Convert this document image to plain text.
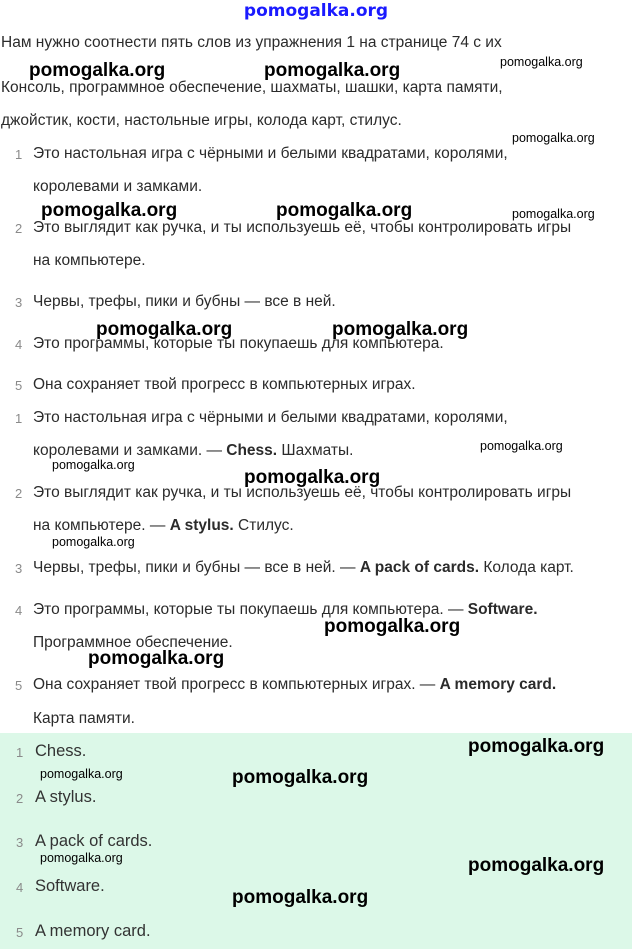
pomogalka.org
Нам нужно соотнести пять слов из упражнения 1 на странице 74 с их
Консоль, программное обеспечение, шахматы, шашки, карта памяти,
джойстик, кости, настольные игры, колода карт, стилус.
1 Это настольная игра с чёрными и белыми квадратами, королями,
королевами и замками.
2 Это выглядит как ручка, и ты используешь её, чтобы контролировать игры
на компьютере.
3 Червы, трефы, пики и бубны — все в ней.
4 Это программы, которые ты покупаешь для компьютера.
5 Она сохраняет твой прогресс в компьютерных играх.
1 Это настольная игра с чёрными и белыми квадратами, королями,
королевами и замками. — Chess. Шахматы.
2 Это выглядит как ручка, и ты используешь её, чтобы контролировать игры
на компьютере. — A stylus. Стилус.
3 Червы, трефы, пики и бубны — все в ней. — A pack of cards. Колода карт.
4 Это программы, которые ты покупаешь для компьютера. — Software.
Программное обеспечение.
5 Она сохраняет твой прогресс в компьютерных играх. — A memory card.
Карта памяти.
1 Chess.
2 A stylus.
3 A pack of cards.
4 Software.
5 A memory card.
pomogalka.org	pomogalka.org	pomogalka.org
pomogalka.org
pomogalka.org	pomogalka.org	pomogalka.org
pomogalka.org	pomogalka.org
pomogalka.org
pomogalka.org
pomogalka.org
pomogalka.org
pomogalka.org
pomogalka.org
pomogalka.org
pomogalka.org	pomogalka.org
pomogalka.org	pomogalka.org
pomogalka.org
